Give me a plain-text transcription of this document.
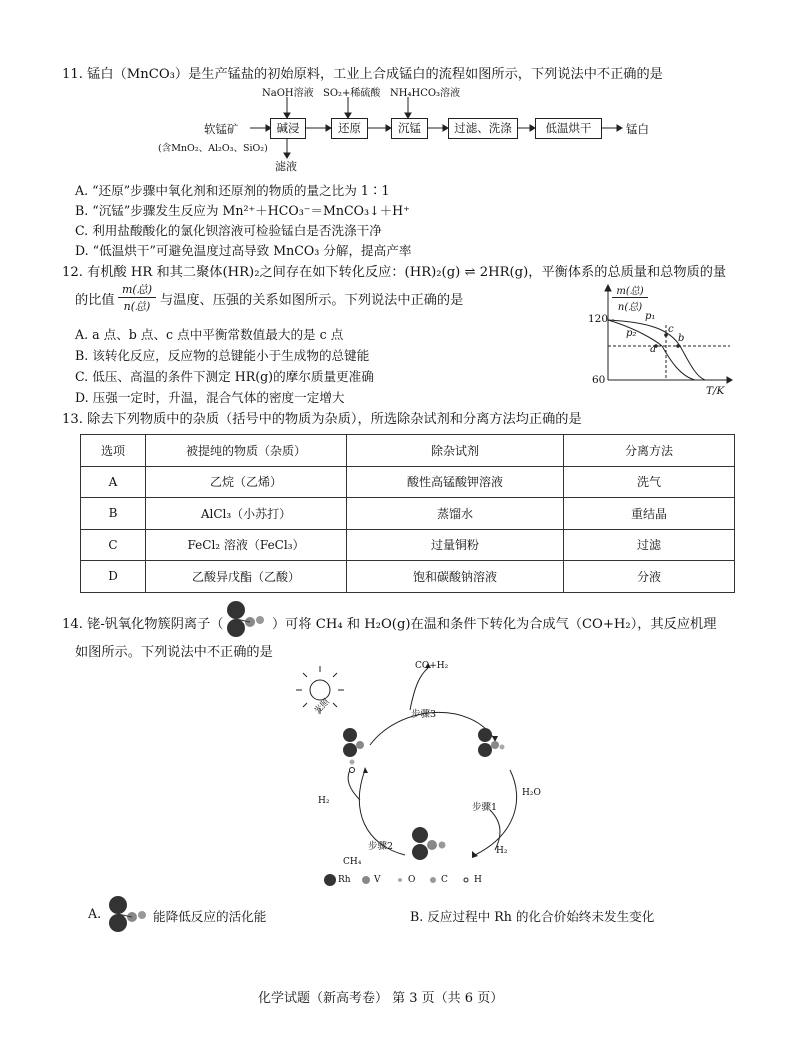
11. 锰白（MnCO₃）是生产锰盐的初始原料，工业上合成锰白的流程如图所示，下列说法中不正确的是
NaOH溶液 SO₂+稀硫酸 NH₄HCO₃溶液
软锰矿
(含MnO₂、Al₂O₃、SiO₂)
碱浸	还原	沉锰	过滤、洗涤	低温烘干	锰白
滤液
A. “还原”步骤中氧化剂和还原剂的物质的量之比为 1∶1
B. “沉锰”步骤发生反应为 Mn²⁺＋HCO₃⁻＝MnCO₃↓＋H⁺
C. 利用盐酸酸化的氯化钡溶液可检验锰白是否洗涤干净
D. “低温烘干”可避免温度过高导致 MnCO₃ 分解，提高产率
12. 有机酸 HR 和其二聚体(HR)₂之间存在如下转化反应：(HR)₂(g) ⇌ 2HR(g)，平衡体系的总质量和总物质的量
的比值
m(总)
n(总) 与温度、压强的关系如图所示。下列说法中正确的是
A. a 点、b 点、c 点中平衡常数值最大的是 c 点
B. 该转化反应，反应物的总键能小于生成物的总键能
C. 低压、高温的条件下测定 HR(g)的摩尔质量更准确
D. 压强一定时，升温，混合气体的密度一定增大
m(总)
n(总)
120
60
T/K
p₁
p₂
a
b
c
13. 除去下列物质中的杂质（括号中的物质为杂质），所选除杂试剂和分离方法均正确的是
选项	被提纯的物质（杂质）	除杂试剂	分离方法
A	乙烷（乙烯）	酸性高锰酸钾溶液	洗气
B	AlCl₃（小苏打）	蒸馏水	重结晶
C	FeCl₂ 溶液（FeCl₃）	过量铜粉	过滤
D	乙酸异戊酯（乙酸）	饱和碳酸钠溶液	分液
14. 铑-钒氧化物簇阴离子（	）可将 CH₄ 和 H₂O(g)在温和条件下转化为合成气（CO+H₂），其反应机理
如图所示。下列说法中不正确的是
CO+H₂
光照	步骤3
步骤1
步骤2
H₂O
H₂
H₂
CH₄
Rh	V	O	C	H
A.	能降低反应的活化能	B. 反应过程中 Rh 的化合价始终未发生变化
化学试题（新高考卷） 第 3 页（共 6 页）
